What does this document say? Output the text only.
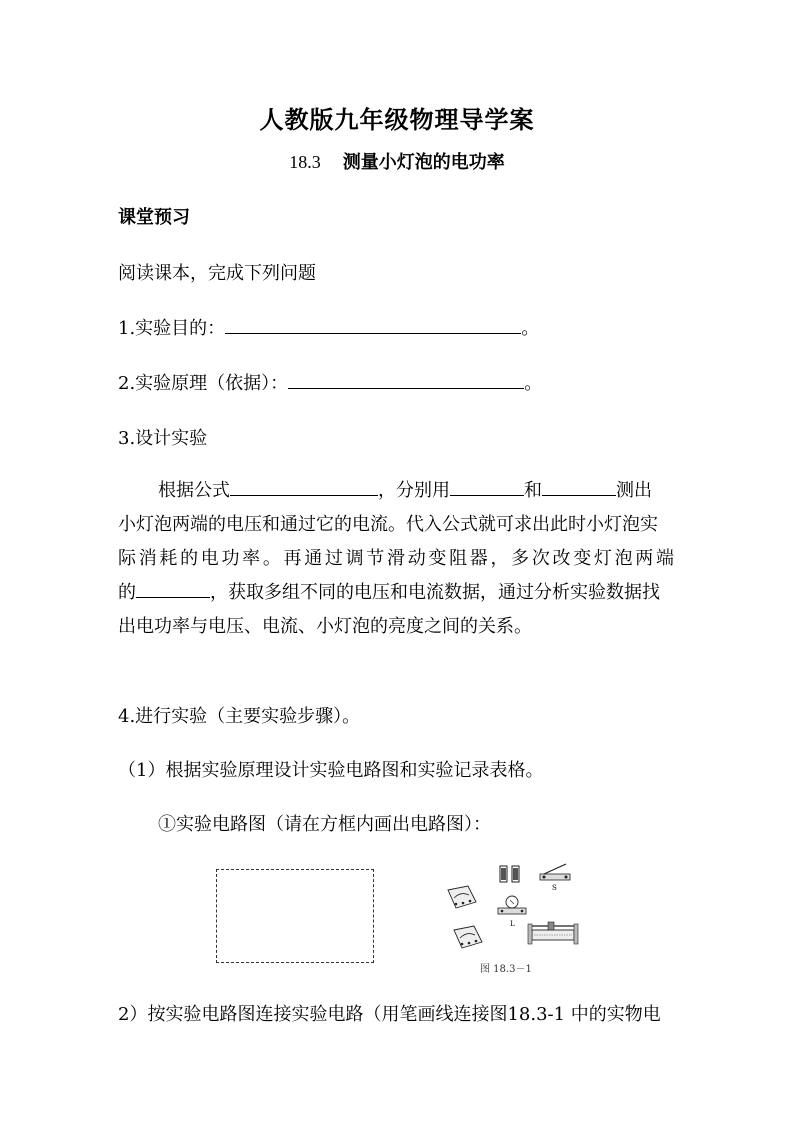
人教版九年级物理导学案
18.3 测量小灯泡的电功率
课堂预习
阅读课本，完成下列问题
1.实验目的：	。
2.实验原理（依据）：	。
3.设计实验
根据公式	，分别用	和	测出
小灯泡两端的电压和通过它的电流。代入公式就可求出此时小灯泡实
际消耗的电功率。再通过调节滑动变阻器，多次改变灯泡两端
的	，获取多组不同的电压和电流数据，通过分析实验数据找
出电功率与电压、电流、小灯泡的亮度之间的关系。
4.进行实验（主要实验步骤）。
（1）根据实验原理设计实验电路图和实验记录表格。
①实验电路图（请在方框内画出电路图）：
S
L
图 18.3－1
2）按实验电路图连接实验电路（用笔画线连接图18.3-1 中的实物电
